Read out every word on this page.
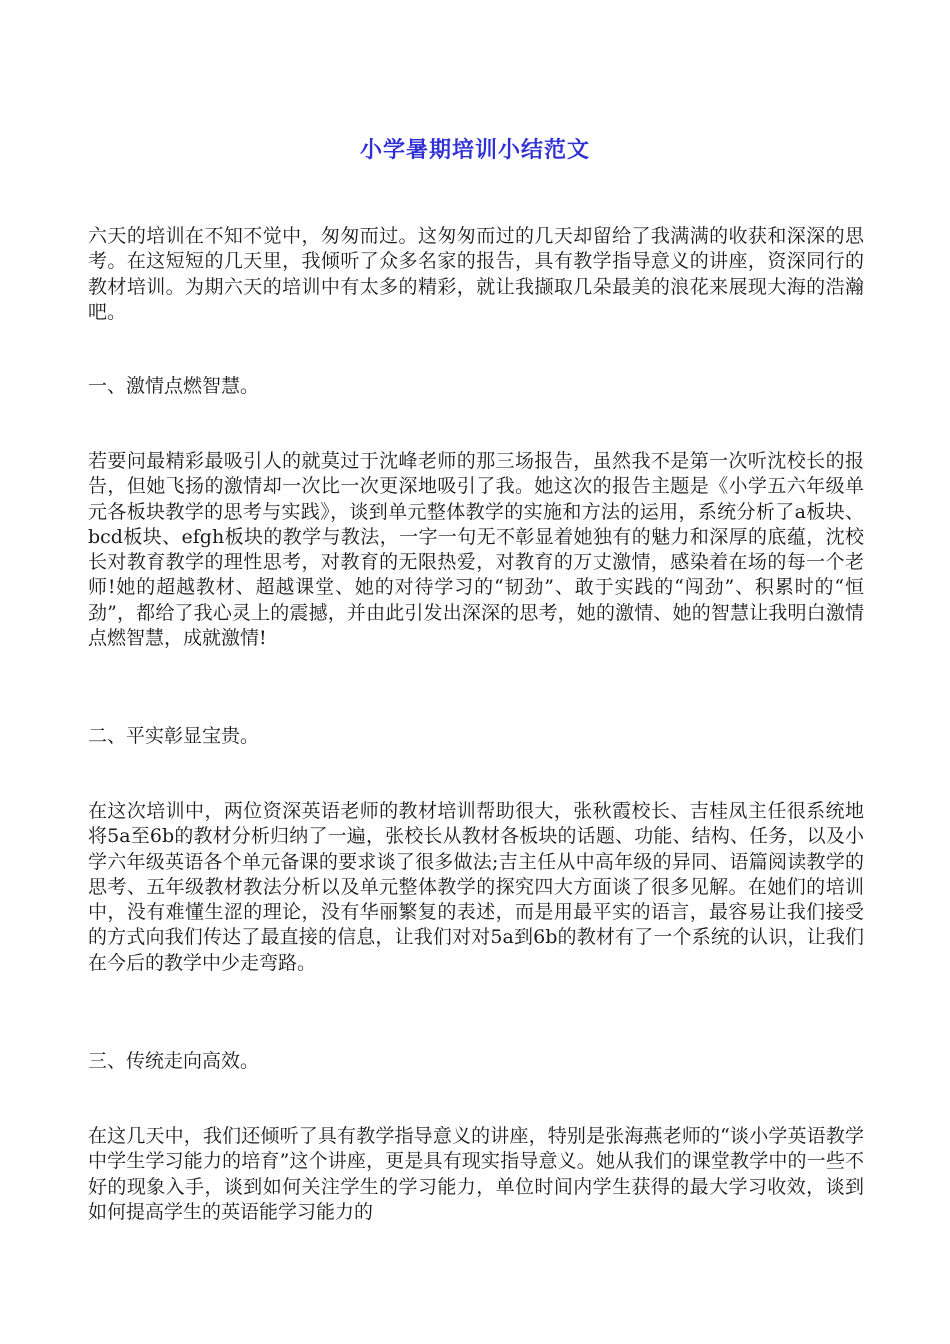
小学暑期培训小结范文

六天的培训在不知不觉中，匆匆而过。这匆匆而过的几天却留给了我满满的收获和深深的思考。在这短短的几天里，我倾听了众多名家的报告，具有教学指导意义的讲座，资深同行的教材培训。为期六天的培训中有太多的精彩，就让我撷取几朵最美的浪花来展现大海的浩瀚吧。

一、激情点燃智慧。

若要问最精彩最吸引人的就莫过于沈峰老师的那三场报告，虽然我不是第一次听沈校长的报告，但她飞扬的激情却一次比一次更深地吸引了我。她这次的报告主题是《小学五六年级单元各板块教学的思考与实践》，谈到单元整体教学的实施和方法的运用，系统分析了a板块、bcd板块、efgh板块的教学与教法，一字一句无不彰显着她独有的魅力和深厚的底蕴，沈校长对教育教学的理性思考，对教育的无限热爱，对教育的万丈激情，感染着在场的每一个老师!她的超越教材、超越课堂、她的对待学习的“韧劲”、敢于实践的“闯劲”、积累时的“恒劲”，都给了我心灵上的震撼，并由此引发出深深的思考，她的激情、她的智慧让我明白激情点燃智慧，成就激情!

二、平实彰显宝贵。

在这次培训中，两位资深英语老师的教材培训帮助很大，张秋霞校长、吉桂凤主任很系统地将5a至6b的教材分析归纳了一遍，张校长从教材各板块的话题、功能、结构、任务，以及小学六年级英语各个单元备课的要求谈了很多做法;吉主任从中高年级的异同、语篇阅读教学的思考、五年级教材教法分析以及单元整体教学的探究四大方面谈了很多见解。在她们的培训中，没有难懂生涩的理论，没有华丽繁复的表述，而是用最平实的语言，最容易让我们接受的方式向我们传达了最直接的信息，让我们对对5a到6b的教材有了一个系统的认识，让我们在今后的教学中少走弯路。

三、传统走向高效。

在这几天中，我们还倾听了具有教学指导意义的讲座，特别是张海燕老师的“谈小学英语教学中学生学习能力的培育”这个讲座，更是具有现实指导意义。她从我们的课堂教学中的一些不好的现象入手，谈到如何关注学生的学习能力，单位时间内学生获得的最大学习收效，谈到如何提高学生的英语能学习能力的
